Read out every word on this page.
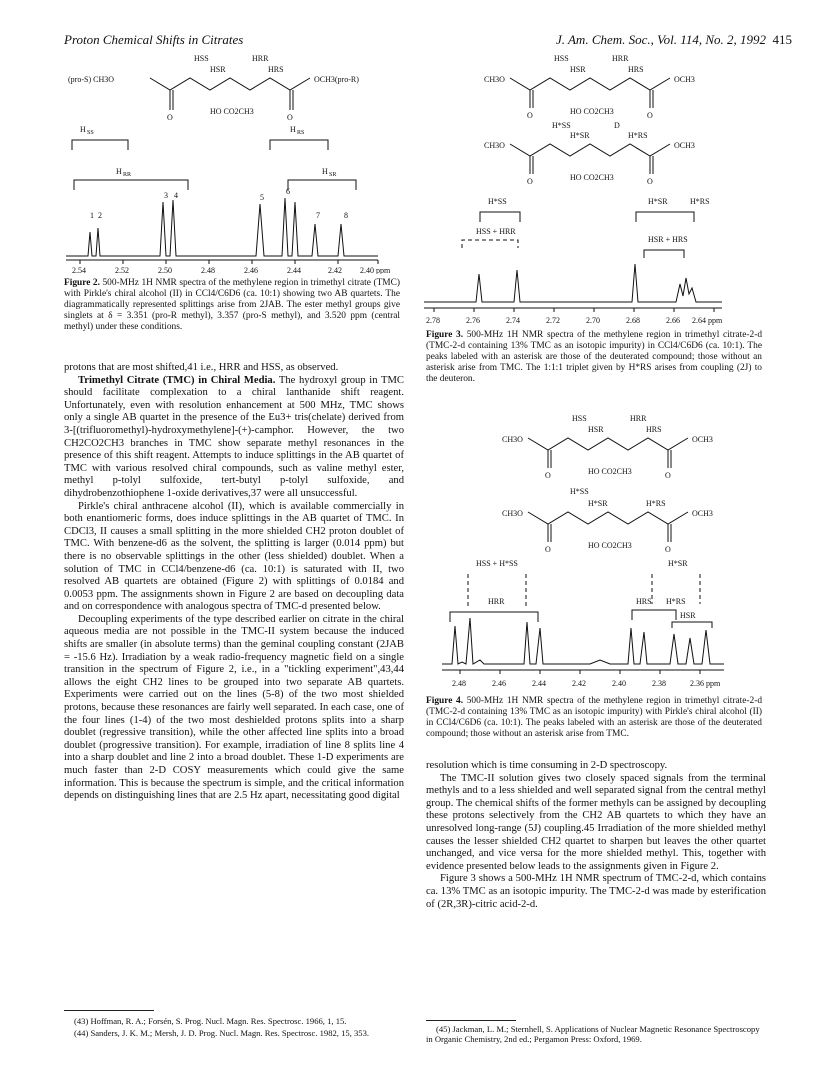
Proton Chemical Shifts in Citrates	J. Am. Chem. Soc., Vol. 114, No. 2, 1992 415
(pro-S) CH3O
O	O
OCH3(pro-R)
HO CO2CH3
HSS
HSR
HRR
HRS
H SS	H RS
H RR	H SR
1 2
3 4	5
6
7	8
2.54	2.52	2.50	2.48	2.46	2.44	2.42 2.40 ppm
Figure 2. 500-MHz 1H NMR spectra of the methylene region in trimethyl citrate (TMC) with Pirkle's chiral alcohol (II) in CCl4/C6D6 (ca. 10:1) showing two AB quartets. The diagrammatically represented splittings arise from 2JAB. The ester methyl groups give singlets at δ = 3.351 (pro-R methyl), 3.357 (pro-S methyl), and 3.520 ppm (central methyl) under these conditions.

protons that are most shifted,41 i.e., HRR and HSS, as observed.

Trimethyl Citrate (TMC) in Chiral Media. The hydroxyl group in TMC should facilitate complexation to a chiral lanthanide shift reagent. Unfortunately, even with resolution enhancement at 500 MHz, TMC shows only a single AB quartet in the presence of the Eu3+ tris(chelate) derived from 3-[(trifluoromethyl)-hydroxymethylene]-(+)-camphor. However, the two CH2CO2CH3 branches in TMC show separate methyl resonances in the presence of this shift reagent. Attempts to induce splittings in the AB quartet of TMC with various resolved chiral compounds, such as valine methyl ester, methyl p-tolyl sulfoxide, tert-butyl p-tolyl sulfoxide, and dihydrobenzothiophene 1-oxide derivatives,37 were all unsuccessful.

Pirkle's chiral anthracene alcohol (II), which is available commercially in both enantiomeric forms, does induce splittings in the AB quartet of TMC. In CDCl3, II causes a small splitting in the more shielded CH2 proton doublet of TMC. With benzene-d6 as the solvent, the splitting is larger (0.014 ppm) but there is no observable splittings in the other (less shielded) doublet. When a solution of TMC in CCl4/benzene-d6 (ca. 10:1) is saturated with II, two resolved AB quartets are obtained (Figure 2) with splittings of 0.0184 and 0.0053 ppm. The assignments shown in Figure 2 are based on decoupling data and on correspondence with analogous spectra of TMC-d presented below.

Decoupling experiments of the type described earlier on citrate in the chiral aqueous media are not possible in the TMC-II system because the induced shifts are smaller (in absolute terms) than the geminal coupling constant (2JAB = -15.6 Hz). Irradiation by a weak radio-frequency magnetic field on a single transition in the spectrum of Figure 2, i.e., in a "tickling experiment",43,44 allows the eight CH2 lines to be grouped into two separate AB quartets. Experiments were carried out on the lines (5-8) of the two most shielded protons, because these resonances are fairly well separated. In each case, one of the four lines (1-4) of the two most deshielded protons splits into a sharp doublet (regressive transition), while the other affected line splits into a broad doublet (progressive transition). For example, irradiation of line 8 splits line 4 into a sharp doublet and line 2 into a broad doublet. These 1-D experiments are much faster than 2-D COSY measurements which could give the same information. This is because the spectrum is simple, and the critical information depends on distinguishing lines that are 2.5 Hz apart, necessitating good digital

(43) Hoffman, R. A.; Forsén, S. Prog. Nucl. Magn. Res. Spectrosc. 1966, 1, 15.

(44) Sanders, J. K. M.; Mersh, J. D. Prog. Nucl. Magn. Res. Spectrosc. 1982, 15, 353.

CH3O
O	O
OCH3
HO CO2CH3
HSS
HSR
HRR
HRS
CH3O
O	O
OCH3
HO CO2CH3
H*SS
H*SR
D
H*RS
H*SS	H*SR	H*RS
HSS + HRR
HSR + HRS
2.78	2.76	2.74	2.72	2.70	2.68	2.66 2.64 ppm
Figure 3. 500-MHz 1H NMR spectra of the methylene region in trimethyl citrate-2-d (TMC-2-d containing 13% TMC as an isotopic impurity) in CCl4/C6D6 (ca. 10:1). The peaks labeled with an asterisk are those of the deuterated compound; those without an asterisk arise from TMC. The 1:1:1 triplet given by H*RS arises from coupling (2J) to the deuteron.
CH3O
O	O
OCH3
HO CO2CH3
HSS
HSR
HRR
HRS
CH3O
O	O
OCH3
HO CO2CH3
H*SS
H*SR	H*RS
HSS + H*SS	H*SR
HRR	HRS H*RS
HSR
2.48	2.46	2.44	2.42	2.40	2.38	2.36 ppm
Figure 4. 500-MHz 1H NMR spectra of the methylene region in trimethyl citrate-2-d (TMC-2-d containing 13% TMC as an isotopic impurity) with Pirkle's chiral alcohol (II) in CCl4/C6D6 (ca. 10:1). The peaks labeled with an asterisk are those of the deuterated compound; those without an asterisk arise from TMC.

resolution which is time consuming in 2-D spectroscopy.

The TMC-II solution gives two closely spaced signals from the terminal methyls and to a less shielded and well separated signal from the central methyl group. The chemical shifts of the former methyls can be assigned by decoupling these protons selectively from the CH2 AB quartets to which they have an unresolved long-range (5J) coupling.45 Irradiation of the more shielded methyl causes the lesser shielded CH2 quartet to sharpen but leaves the other quartet unchanged, and vice versa for the more shielded methyl. This, together with evidence presented below leads to the assignments given in Figure 2.

Figure 3 shows a 500-MHz 1H NMR spectrum of TMC-2-d, which contains ca. 13% TMC as an isotopic impurity. The TMC-2-d was made by esterification of (2R,3R)-citric acid-2-d.

(45) Jackman, L. M.; Sternhell, S. Applications of Nuclear Magnetic Resonance Spectroscopy in Organic Chemistry, 2nd ed.; Pergamon Press: Oxford, 1969.
